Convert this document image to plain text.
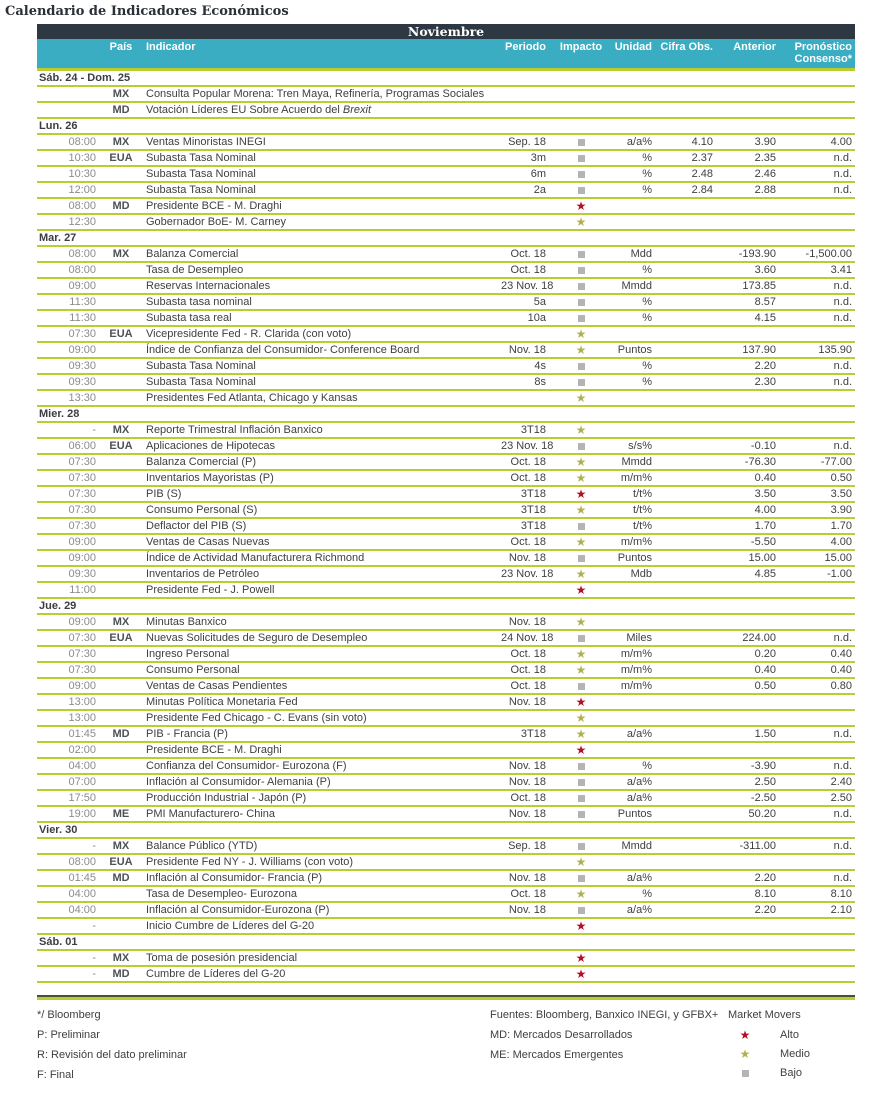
Calendario de Indicadores Económicos
Noviembre								
	País	Indicador	Periodo	Impacto	Unidad	Cifra Obs.	Anterior	Pronóstico
Consenso*
Sáb. 24 - Dom. 25								
	MX	Consulta Popular Morena: Tren Maya, Refinería, Programas Sociales						
	MD	Votación Líderes EU Sobre Acuerdo del Brexit						
Lun. 26								
08:00	MX	Ventas Minoristas INEGI	Sep. 18		a/a%	4.10	3.90	4.00
10:30	EUA	Subasta Tasa Nominal	3m		%	2.37	2.35	n.d.
10:30		Subasta Tasa Nominal	6m		%	2.48	2.46	n.d.
12:00		Subasta Tasa Nominal	2a		%	2.84	2.88	n.d.
08:00	MD	Presidente BCE - M. Draghi		★				
12:30		Gobernador BoE- M. Carney		★				
Mar. 27								
08:00	MX	Balanza Comercial	Oct. 18		Mdd		-193.90	-1,500.00
08:00		Tasa de Desempleo	Oct. 18		%		3.60	3.41
09:00		Reservas Internacionales	23 Nov. 18		Mmdd		173.85	n.d.
11:30		Subasta tasa nominal	5a		%		8.57	n.d.
11:30		Subasta tasa real	10a		%		4.15	n.d.
07:30	EUA	Vicepresidente Fed - R. Clarida (con voto)		★				
09:00		Índice de Confianza del Consumidor- Conference Board	Nov. 18	★	Puntos		137.90	135.90
09:30		Subasta Tasa Nominal	4s		%		2.20	n.d.
09:30		Subasta Tasa Nominal	8s		%		2.30	n.d.
13:30		Presidentes Fed Atlanta, Chicago y Kansas		★				
Mier. 28								
-	MX	Reporte Trimestral Inflación Banxico	3T18	★				
06:00	EUA	Aplicaciones de Hipotecas	23 Nov. 18		s/s%		-0.10	n.d.
07:30		Balanza Comercial (P)	Oct. 18	★	Mmdd		-76.30	-77.00
07:30		Inventarios Mayoristas (P)	Oct. 18	★	m/m%		0.40	0.50
07:30		PIB (S)	3T18	★	t/t%		3.50	3.50
07:30		Consumo Personal (S)	3T18	★	t/t%		4.00	3.90
07:30		Deflactor del PIB (S)	3T18		t/t%		1.70	1.70
09:00		Ventas de Casas Nuevas	Oct. 18	★	m/m%		-5.50	4.00
09:00		Índice de Actividad Manufacturera Richmond	Nov. 18		Puntos		15.00	15.00
09:30		Inventarios de Petróleo	23 Nov. 18	★	Mdb		4.85	-1.00
11:00		Presidente Fed - J. Powell		★				
Jue. 29								
09:00	MX	Minutas Banxico	Nov. 18	★				
07:30	EUA	Nuevas Solicitudes de Seguro de Desempleo	24 Nov. 18		Miles		224.00	n.d.
07:30		Ingreso Personal	Oct. 18	★	m/m%		0.20	0.40
07:30		Consumo Personal	Oct. 18	★	m/m%		0.40	0.40
09:00		Ventas de Casas Pendientes	Oct. 18		m/m%		0.50	0.80
13:00		Minutas Política Monetaria Fed	Nov. 18	★				
13:00		Presidente Fed Chicago - C. Evans (sin voto)		★				
01:45	MD	PIB - Francia (P)	3T18	★	a/a%		1.50	n.d.
02:00		Presidente BCE - M. Draghi		★				
04:00		Confianza del Consumidor- Eurozona (F)	Nov. 18		%		-3.90	n.d.
07:00		Inflación al Consumidor- Alemania (P)	Nov. 18		a/a%		2.50	2.40
17:50		Producción Industrial - Japón (P)	Oct. 18		a/a%		-2.50	2.50
19:00	ME	PMI Manufacturero- China	Nov. 18		Puntos		50.20	n.d.
Vier. 30								
-	MX	Balance Público (YTD)	Sep. 18		Mmdd		-311.00	n.d.
08:00	EUA	Presidente Fed NY - J. Williams (con voto)		★				
01:45	MD	Inflación al Consumidor- Francia (P)	Nov. 18		a/a%		2.20	n.d.
04:00		Tasa de Desempleo- Eurozona	Oct. 18	★	%		8.10	8.10
04:00		Inflación al Consumidor-Eurozona (P)	Nov. 18		a/a%		2.20	2.10
-		Inicio Cumbre de Líderes del G-20		★				
Sáb. 01								
-	MX	Toma de posesión presidencial		★				
-	MD	Cumbre de Líderes del G-20		★				
*/ Bloomberg
P: Preliminar
R: Revisión del dato preliminar
F: Final
Fuentes: Bloomberg, Banxico INEGI, y GFBX+
MD: Mercados Desarrollados
ME: Mercados Emergentes
Market Movers
★	Alto
★	Medio
Bajo
